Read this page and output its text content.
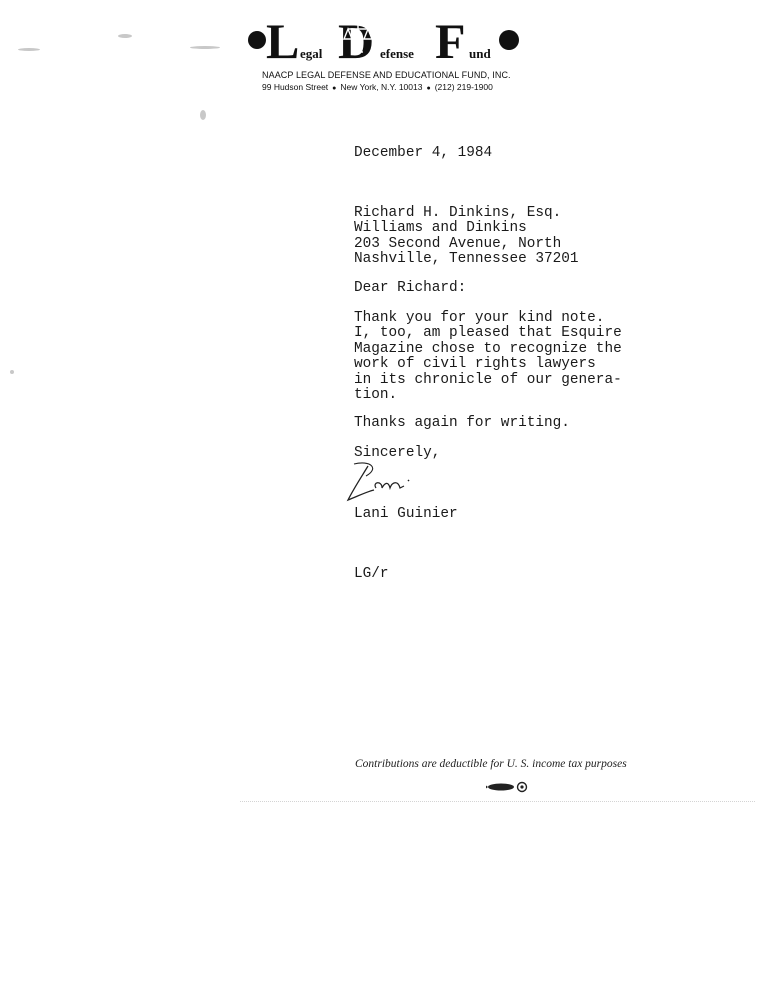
L egal D efense F und
NAACP LEGAL DEFENSE AND EDUCATIONAL FUND, INC.
99 Hudson Street ● New York, N.Y. 10013 ● (212) 219-1900
December 4, 1984
Richard H. Dinkins, Esq.
Williams and Dinkins
203 Second Avenue, North
Nashville, Tennessee 37201
Dear Richard:
Thank you for your kind note.
I, too, am pleased that Esquire
Magazine chose to recognize the
work of civil rights lawyers
in its chronicle of our genera-
tion.
Thanks again for writing.
Sincerely,
Lani Guinier
LG/r
Contributions are deductible for U. S. income tax purposes
